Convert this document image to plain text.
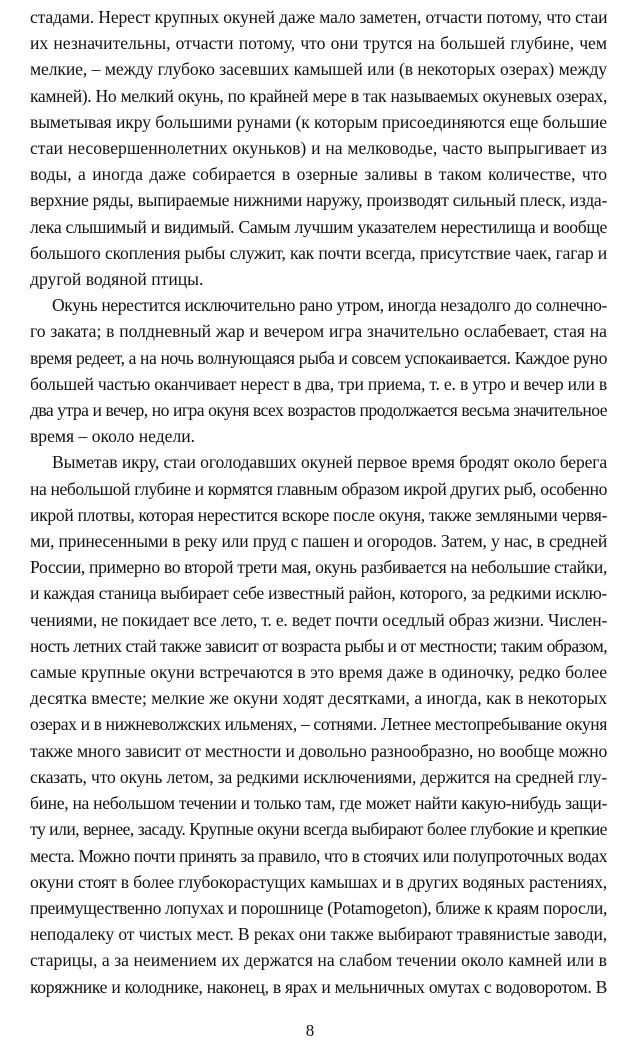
стадами. Нерест крупных окуней даже мало заметен, отчасти потому, что стаи
их незначительны, отчасти потому, что они трутся на большей глубине, чем
мелкие, – между глубоко засевших камышей или (в некоторых озерах) между
камней). Но мелкий окунь, по крайней мере в так называемых окуневых озерах,
выметывая икру большими рунами (к которым присоединяются еще большие
стаи несовершеннолетних окуньков) и на мелководье, часто выпрыгивает из
воды, а иногда даже собирается в озерные заливы в таком количестве, что
верхние ряды, выпираемые нижними наружу, производят сильный плеск, изда-
лека слышимый и видимый. Самым лучшим указателем нерестилища и вообще
большого скопления рыбы служит, как почти всегда, присутствие чаек, гагар и
другой водяной птицы.
Окунь нерестится исключительно рано утром, иногда незадолго до солнечно-
го заката; в полдневный жар и вечером игра значительно ослабевает, стая на
время редеет, а на ночь волнующаяся рыба и совсем успокаивается. Каждое руно
большей частью оканчивает нерест в два, три приема, т. е. в утро и вечер или в
два утра и вечер, но игра окуня всех возрастов продолжается весьма значительное
время – около недели.
Выметав икру, стаи оголодавших окуней первое время бродят около берега
на небольшой глубине и кормятся главным образом икрой других рыб, особенно
икрой плотвы, которая нерестится вскоре после окуня, также земляными червя-
ми, принесенными в реку или пруд с пашен и огородов. Затем, у нас, в средней
России, примерно во второй трети мая, окунь разбивается на небольшие стайки,
и каждая станица выбирает себе известный район, которого, за редкими исклю-
чениями, не покидает все лето, т. е. ведет почти оседлый образ жизни. Числен-
ность летних стай также зависит от возраста рыбы и от местности; таким образом,
самые крупные окуни встречаются в это время даже в одиночку, редко более
десятка вместе; мелкие же окуни ходят десятками, а иногда, как в некоторых
озерах и в нижневолжских ильменях, – сотнями. Летнее местопребывание окуня
также много зависит от местности и довольно разнообразно, но вообще можно
сказать, что окунь летом, за редкими исключениями, держится на средней глу-
бине, на небольшом течении и только там, где может найти какую-нибудь защи-
ту или, вернее, засаду. Крупные окуни всегда выбирают более глубокие и крепкие
места. Можно почти принять за правило, что в стоячих или полупроточных водах
окуни стоят в более глубокорастущих камышах и в других водяных растениях,
преимущественно лопухах и порошнице (Potamogeton), ближе к краям поросли,
неподалеку от чистых мест. В реках они также выбирают травянистые заводи,
старицы, а за неимением их держатся на слабом течении около камней или в
коряжнике и колоднике, наконец, в ярах и мельничных омутах с водоворотом. В
8
